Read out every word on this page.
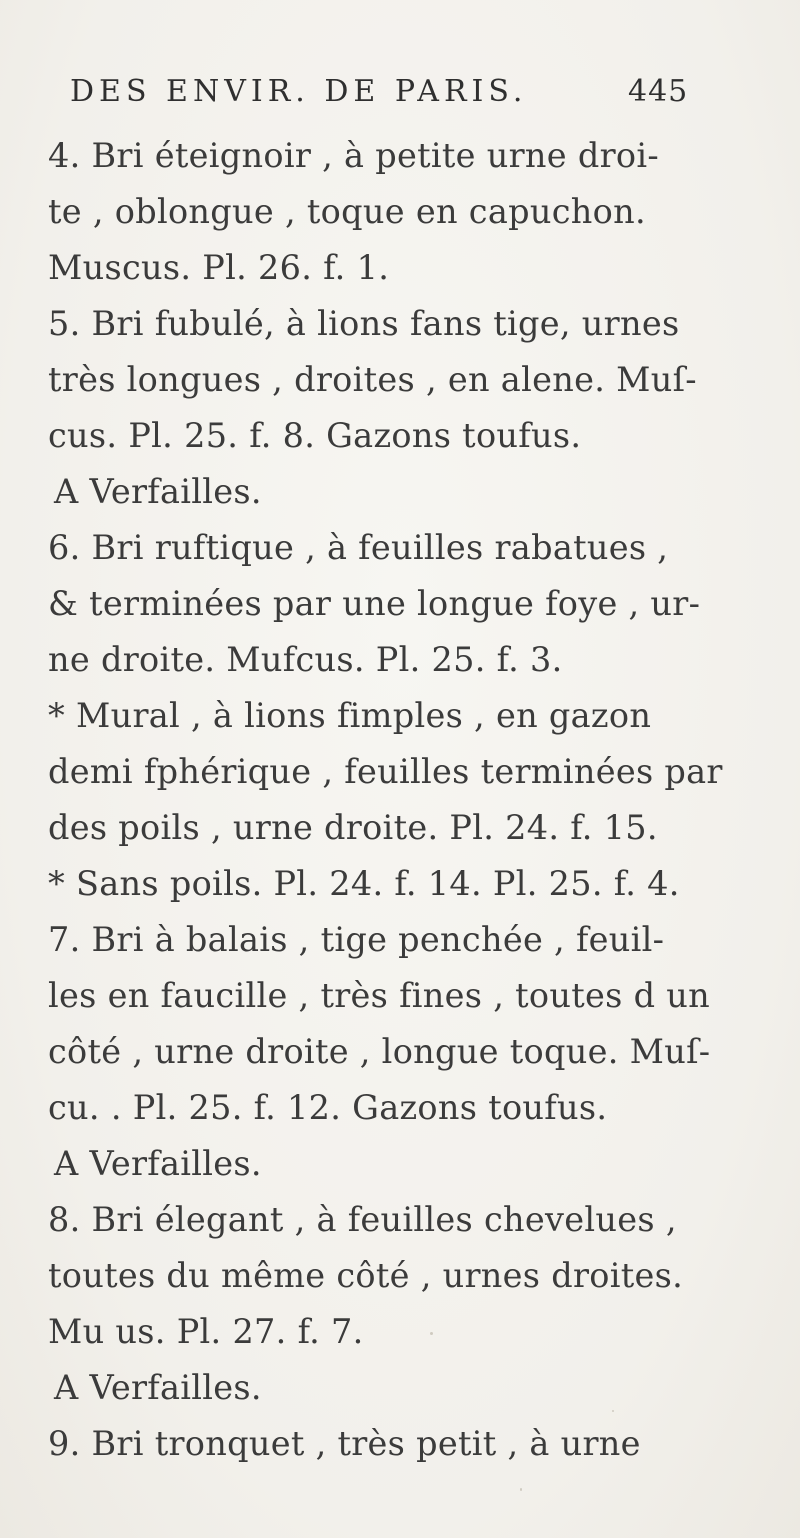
DES ENVIR. DE PARIS.	445
4. Bri éteignoir , à petite urne droi-
te , oblongue , toque en capuchon.
Muscus. Pl. 26. f. 1.
5. Bri fubulé, à lions fans tige, urnes
très longues , droites , en alene. Muſ-
cus. Pl. 25. f. 8. Gazons toufus.
A Verfailles.
6. Bri ruftique , à feuilles rabatues ,
& terminées par une longue foye , ur-
ne droite. Mufcus. Pl. 25. f. 3.
* Mural , à lions fimples , en gazon
demi fphérique , feuilles terminées par
des poils , urne droite. Pl. 24. f. 15.
* Sans poils. Pl. 24. f. 14. Pl. 25. f. 4.
7. Bri à balais , tige penchée , feuil-
les en faucille , très fines , toutes d un
côté , urne droite , longue toque. Muſ-
cu. . Pl. 25. f. 12. Gazons toufus.
A Verfailles.
8. Bri élegant , à feuilles chevelues ,
toutes du même côté , urnes droites.
Mu us. Pl. 27. f. 7.
A Verfailles.
9. Bri tronquet , très petit , à urne
